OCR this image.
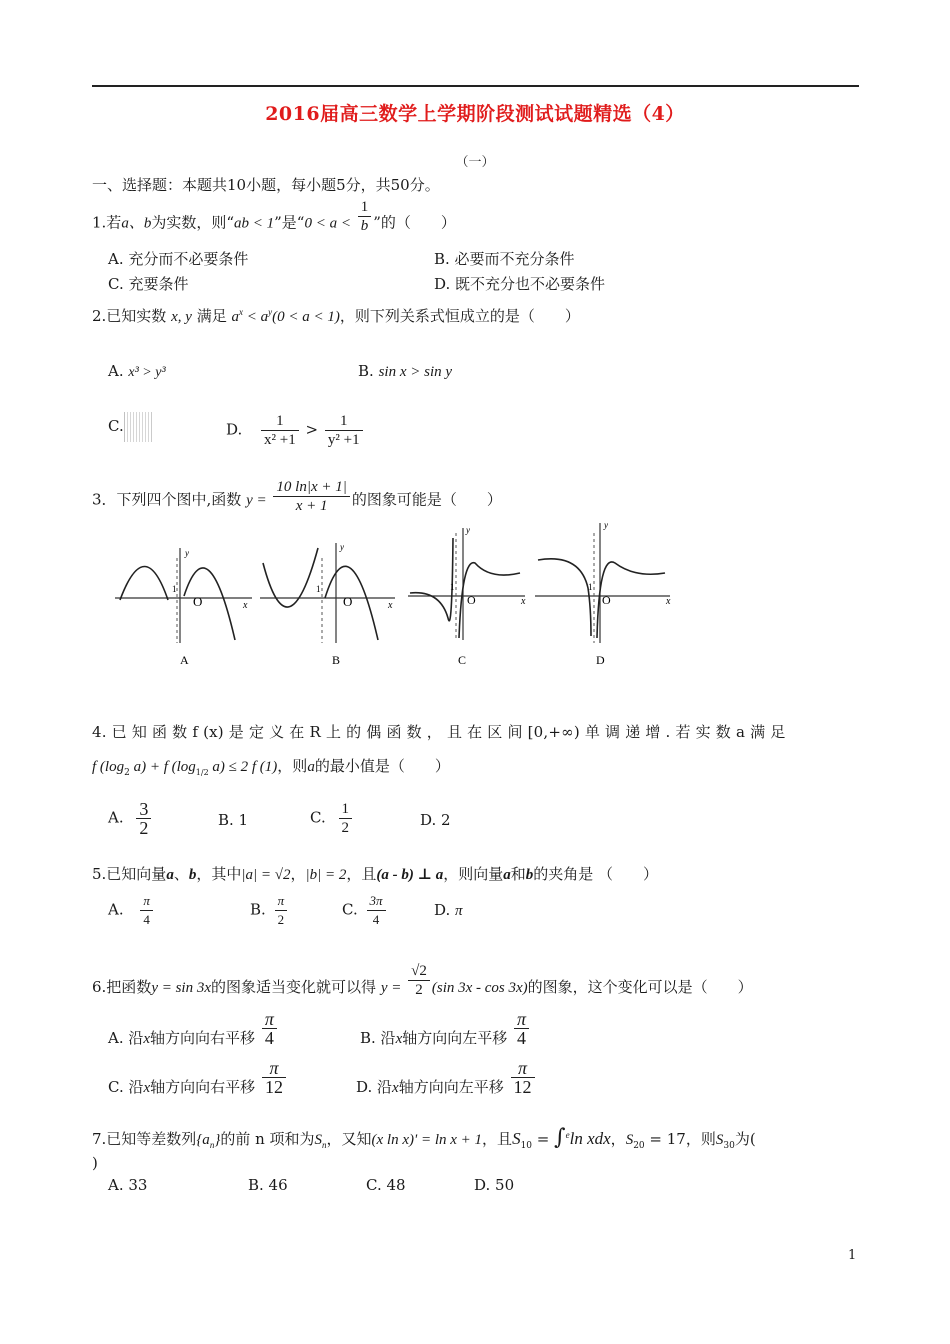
2016届高三数学上学期阶段测试试题精选（4）
（一）
一、选择题：本题共10小题，每小题5分，共50分。
1.若a、b为实数，则“ab < 1”是“$0 < a < \frac{1}{b}$ ”的（　　）
A. 充分而不必要条件	B. 必要而不充分条件
C. 充要条件	D. 既不充分也不必要条件
2.已知实数 x, y 满足 $a^x < a^y(0 < a < 1)$，则下列关系式恒成立的是（　　）
A. x³ > y³	B. sin x > sin y
C.	D. $\frac{1}{\text{x² +1}} > \frac{1}{\text{y² +1}}$
3．下列四个图中,函数 $y = \frac{10 \ln|x + 1|}{x + 1}$ 的图象可能是（　　）
1
O	x
y
A
1
O	x
y
B
1
O	x
y
C
1
O	x
y
D
4. 已 知 函 数 f (x) 是 定 义 在 R 上 的 偶 函 数 ， 且 在 区 间 [0,+∞) 单 调 递 增 . 若 实 数 a 满 足
f ($\log_2$ a) + f ($\log_{1/2}$ a) ≤ 2 f (1)，则a的最小值是（　　）
A. $\frac{3}{2}$	B. 1	C. $\frac{1}{2}$	D. 2
5.已知向量a、b，其中|a| = √2，|b| = 2，且(a - b) ⊥ a，则向量a和b的夹角是 （　　）
A. $\frac{\pi}{4}$	B. $\frac{\pi}{2}$	C. $\frac{3\pi}{4}$	D. π
6.把函数y = sin 3x的图象适当变化就可以得 $y = \frac{√2}{2} (\sin$ 3x - cos 3x)的图象，这个变化可以是（　　）
A. 沿x轴方向向右平移 $\frac{\pi}{4}$	B. 沿x轴方向向左平移 $\frac{\pi}{4}$
C. 沿x轴方向向右平移 $\frac{\pi}{12}$	D. 沿x轴方向向左平移 $\frac{\pi}{12}$
7.已知等差数列$\{a_n\}$的前 n 项和为$S_n$，又知(x ln x)' = ln x + 1，且$S_{10} = \int^e\ln$ xdx，$S_{20} = 17$，则$S_{30}$为(
)
A. 33	B. 46	C. 48	D. 50
1
